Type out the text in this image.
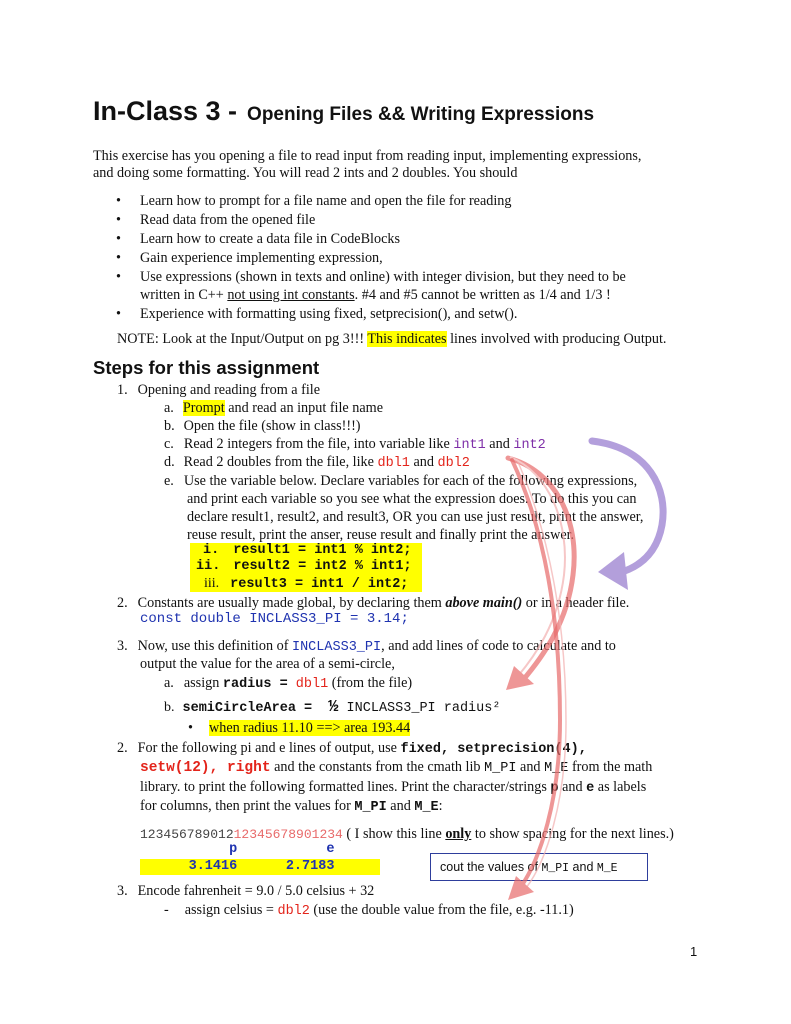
In-Class 3 - Opening Files && Writing Expressions
This exercise has you opening a file to read input from reading input, implementing expressions,
and doing some formatting. You will read 2 ints and 2 doubles. You should
• Learn how to prompt for a file name and open the file for reading
• Read data from the opened file
• Learn how to create a data file in CodeBlocks
• Gain experience implementing expression,
• Use expressions (shown in texts and online) with integer division, but they need to be
written in C++ not using int constants. #4 and #5 cannot be written as 1/4 and 1/3 !
• Experience with formatting using fixed, setprecision(), and setw().
NOTE: Look at the Input/Output on pg 3!!! This indicates lines involved with producing Output.
Steps for this assignment
1. Opening and reading from a file
a. Prompt and read an input file name
b. Open the file (show in class!!!)
c. Read 2 integers from the file, into variable like int1 and int2
d. Read 2 doubles from the file, like dbl1 and dbl2
e. Use the variable below. Declare variables for each of the following expressions,
and print each variable so you see what the expression does. To do this you can
declare result1, result2, and result3, OR you can use just result, print the answer,
reuse result, print the anser, reuse result and finally print the answer.
i. result1 = int1 % int2;
ii. result2 = int2 % int1;
iii. result3 = int1 / int2;
2. Constants are usually made global, by declaring them above main() or in a header file.
const double INCLASS3_PI = 3.14;
3. Now, use this definition of INCLASS3_PI, and add lines of code to calculate and to
output the value for the area of a semi-circle,
a. assign radius = dbl1 (from the file)
b. semiCircleArea = ½ INCLASS3_PI radius²
• when radius 11.10 ==> area 193.44
2. For the following pi and e lines of output, use fixed, setprecision(4),
setw(12), right and the constants from the cmath lib M_PI and M_E from the math
library. to print the following formatted lines. Print the character/strings p and e as labels
for columns, then print the values for M_PI and M_E:
12345678901212345678901234 ( I show this line only to show spacing for the next lines.)
p           e
3.1416      2.7183	cout the values of M_PI and M_E
3. Encode fahrenheit = 9.0 / 5.0 celsius + 32
- assign celsius = dbl2 (use the double value from the file, e.g. -11.1)
1
